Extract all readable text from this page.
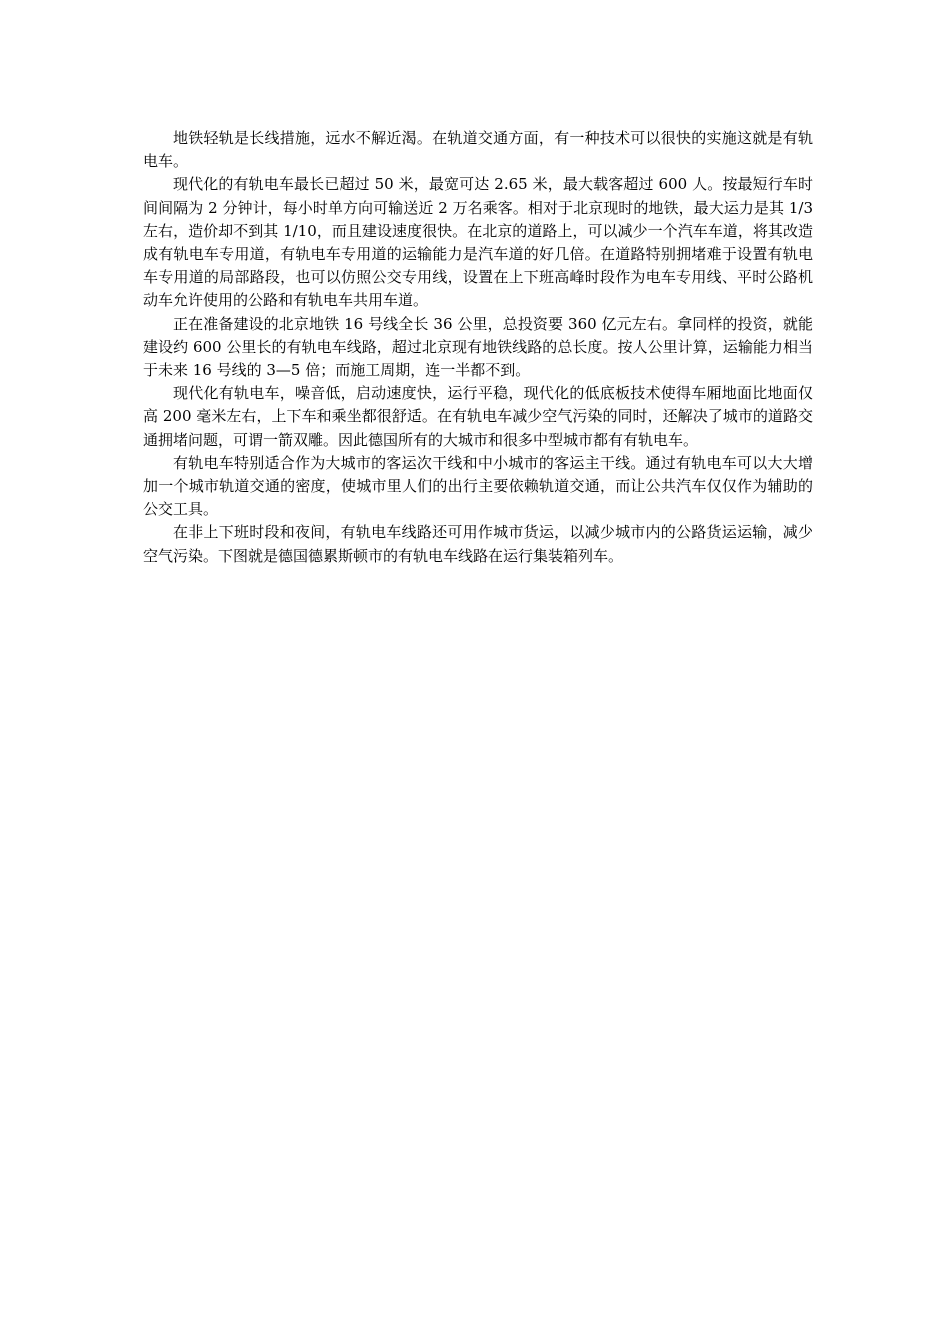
地铁轻轨是长线措施，远水不解近渴。在轨道交通方面，有一种技术可以很快的实施这就是有轨电车。

现代化的有轨电车最长已超过 50 米，最宽可达 2.65 米，最大载客超过 600 人。按最短行车时间间隔为 2 分钟计，每小时单方向可输送近 2 万名乘客。相对于北京现时的地铁，最大运力是其 1/3 左右，造价却不到其 1/10，而且建设速度很快。在北京的道路上，可以减少一个汽车车道，将其改造成有轨电车专用道，有轨电车专用道的运输能力是汽车道的好几倍。在道路特别拥堵难于设置有轨电车专用道的局部路段，也可以仿照公交专用线，设置在上下班高峰时段作为电车专用线、平时公路机动车允许使用的公路和有轨电车共用车道。

正在准备建设的北京地铁 16 号线全长 36 公里，总投资要 360 亿元左右。拿同样的投资，就能建设约 600 公里长的有轨电车线路，超过北京现有地铁线路的总长度。按人公里计算，运输能力相当于未来 16 号线的 3—5 倍；而施工周期，连一半都不到。

现代化有轨电车，噪音低，启动速度快，运行平稳，现代化的低底板技术使得车厢地面比地面仅高 200 毫米左右，上下车和乘坐都很舒适。在有轨电车减少空气污染的同时，还解决了城市的道路交通拥堵问题，可谓一箭双雕。因此德国所有的大城市和很多中型城市都有有轨电车。

有轨电车特别适合作为大城市的客运次干线和中小城市的客运主干线。通过有轨电车可以大大增加一个城市轨道交通的密度，使城市里人们的出行主要依赖轨道交通，而让公共汽车仅仅作为辅助的公交工具。

在非上下班时段和夜间，有轨电车线路还可用作城市货运，以减少城市内的公路货运运输，减少空气污染。下图就是德国德累斯顿市的有轨电车线路在运行集装箱列车。
